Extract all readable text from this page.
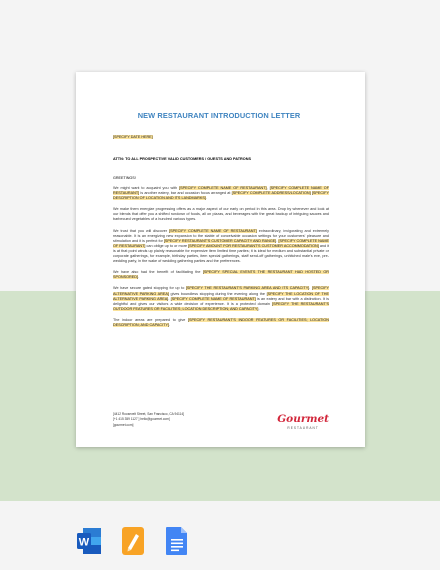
NEW RESTAURANT INTRODUCTION LETTER
[SPECIFY DATE HERE]
ATTN: TO ALL PROSPECTIVE VALID CUSTOMERS / GUESTS AND PATRONS
GREETINGS!

We might want to acquaint you with [SPECIFY COMPLETE NAME OF RESTAURANT], [SPECIFY COMPLETE NAME OF RESTAURANT] is another eatery, bar and occasion focus arranged at [SPECIFY COMPLETE ADDRESS/LOCATION] [SPECIFY DESCRIPTION OF LOCATION AND ITS LANDMARKS].

We make them energize progressing offers as a major aspect of our early on period in this area. Drop by whenever and look at our blends that offer you a shifted rundown of foods, all on pizzas, and beverages with the great backup of intriguing sauces and barbecued vegetables of a hundred various types.

We trust that you will discover [SPECIFY COMPLETE NAME OF RESTAURANT] extraordinary, invigorating and extremely reasonable. It is an energizing new expansion to the stable of conceivable occasion settings for your customers' pleasure and stimulation and it is perfect for [SPECIFY RESTAURANT'S CUSTOMER CAPACITY AND RANGE] [SPECIFY COMPLETE NAME OF RESTAURANT] can oblige up to or more [SPECIFY AMOUNT FOR RESTAURANT'S CUSTOMER ACCOMMODATION] and it is at that point winds up plainly reasonable for expensive item limited time parties; it is ideal for medium and substantial private or corporate gatherings, for example, birthday parties, item special gatherings, staff send-off gatherings, unhitched male's eve, pre-wedding party, in the wake of wedding gathering parties and the preferences.

We have also had the benefit of facilitating the [SPECIFY SPECIAL EVENTS THE RESTAURANT HAD HOSTED OR SPONSORED].

We have secure gated stopping for up to [SPECIFY THE RESTAURANT'S PARKING AREA AND ITS CAPACITY]. [SPECIFY ALTERNATIVE PARKING AREA] gives boundless stopping during the evening along the [SPECIFY THE LOCATION OF THE ALTERNATIVE PARKING AREA]. [SPECIFY COMPLETE NAME OF RESTAURANT] is an eatery and bar with a distinction. It is delightful and gives our visitors a wide decision of experience. It is a protected domain [SPECIFY THE RESTAURANT'S OUTDOOR FEATURES OR FACILITIES; LOCATION DESCRIPTION; AND CAPACITY].

The indoor areas are prepared to give [SPECIFY RESTAURANT'S INDOOR FEATURES OR FACILITIES; LOCATION DESCRIPTION; AND CAPACITY].

[4412 Roosevelt Street, San Francisco, CA 94114]
[+1 415 359 1127 ] hello@gourmet.com]
[gourmet.com]	Gourmet
RESTAURANT
W
